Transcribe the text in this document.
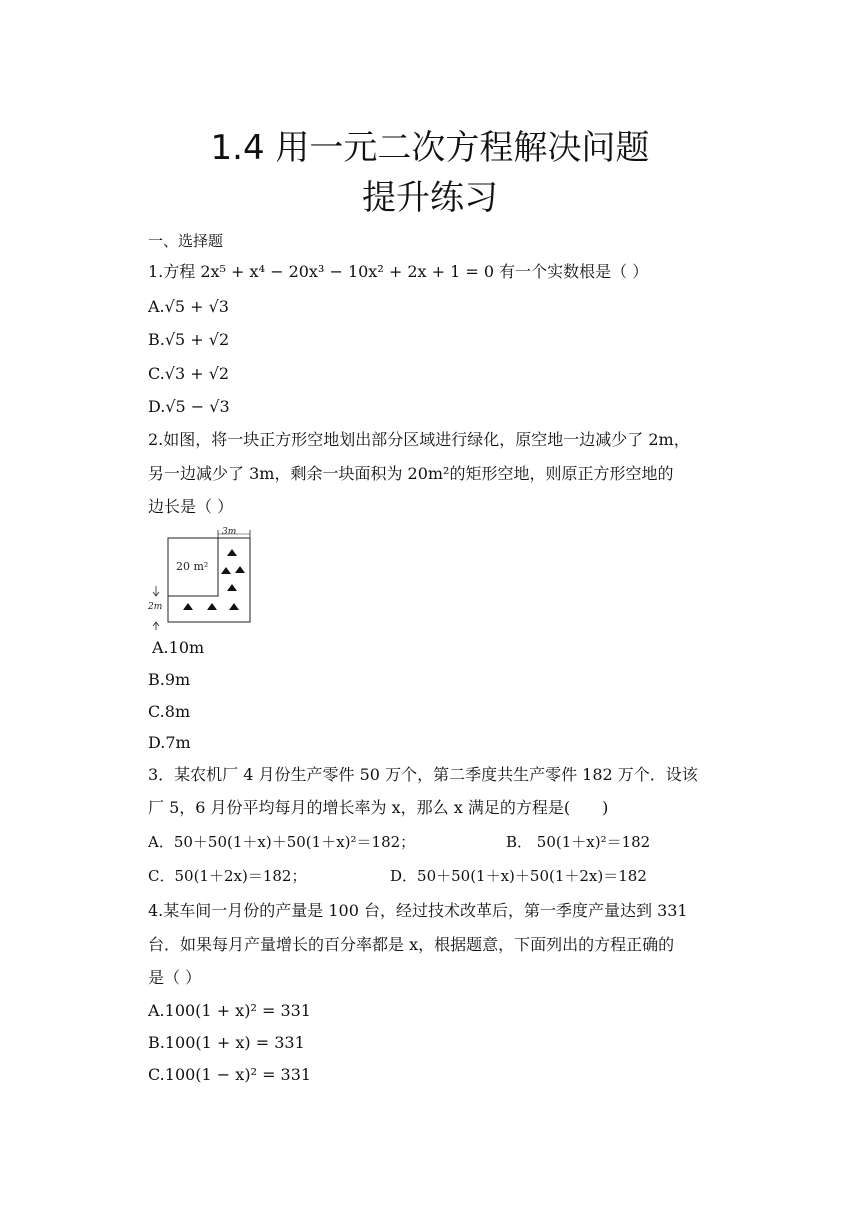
1.4 用一元二次方程解决问题
提升练习
一、选择题
1.方程 2x⁵ + x⁴ − 20x³ − 10x² + 2x + 1 = 0 有一个实数根是（ ）
A.√5 + √3
B.√5 + √2
C.√3 + √2
D.√5 − √3
2.如图，将一块正方形空地划出部分区域进行绿化，原空地一边减少了 2m，
另一边减少了 3m，剩余一块面积为 20m²的矩形空地，则原正方形空地的
边长是（ ）
20 m²
3m
2m
A.10m
B.9m
C.8m
D.7m
3．某农机厂 4 月份生产零件 50 万个，第二季度共生产零件 182 万个．设该
厂 5，6 月份平均每月的增长率为 x，那么 x 满足的方程是(　　)
A．50＋50(1＋x)＋50(1＋x)²＝182；	B． 50(1＋x)²＝182
C．50(1＋2x)＝182；	D．50＋50(1＋x)＋50(1＋2x)＝182
4.某车间一月份的产量是 100 台，经过技术改革后，第一季度产量达到 331
台．如果每月产量增长的百分率都是 x，根据题意，下面列出的方程正确的
是（ ）
A.100(1 + x)² = 331
B.100(1 + x) = 331
C.100(1 − x)² = 331
